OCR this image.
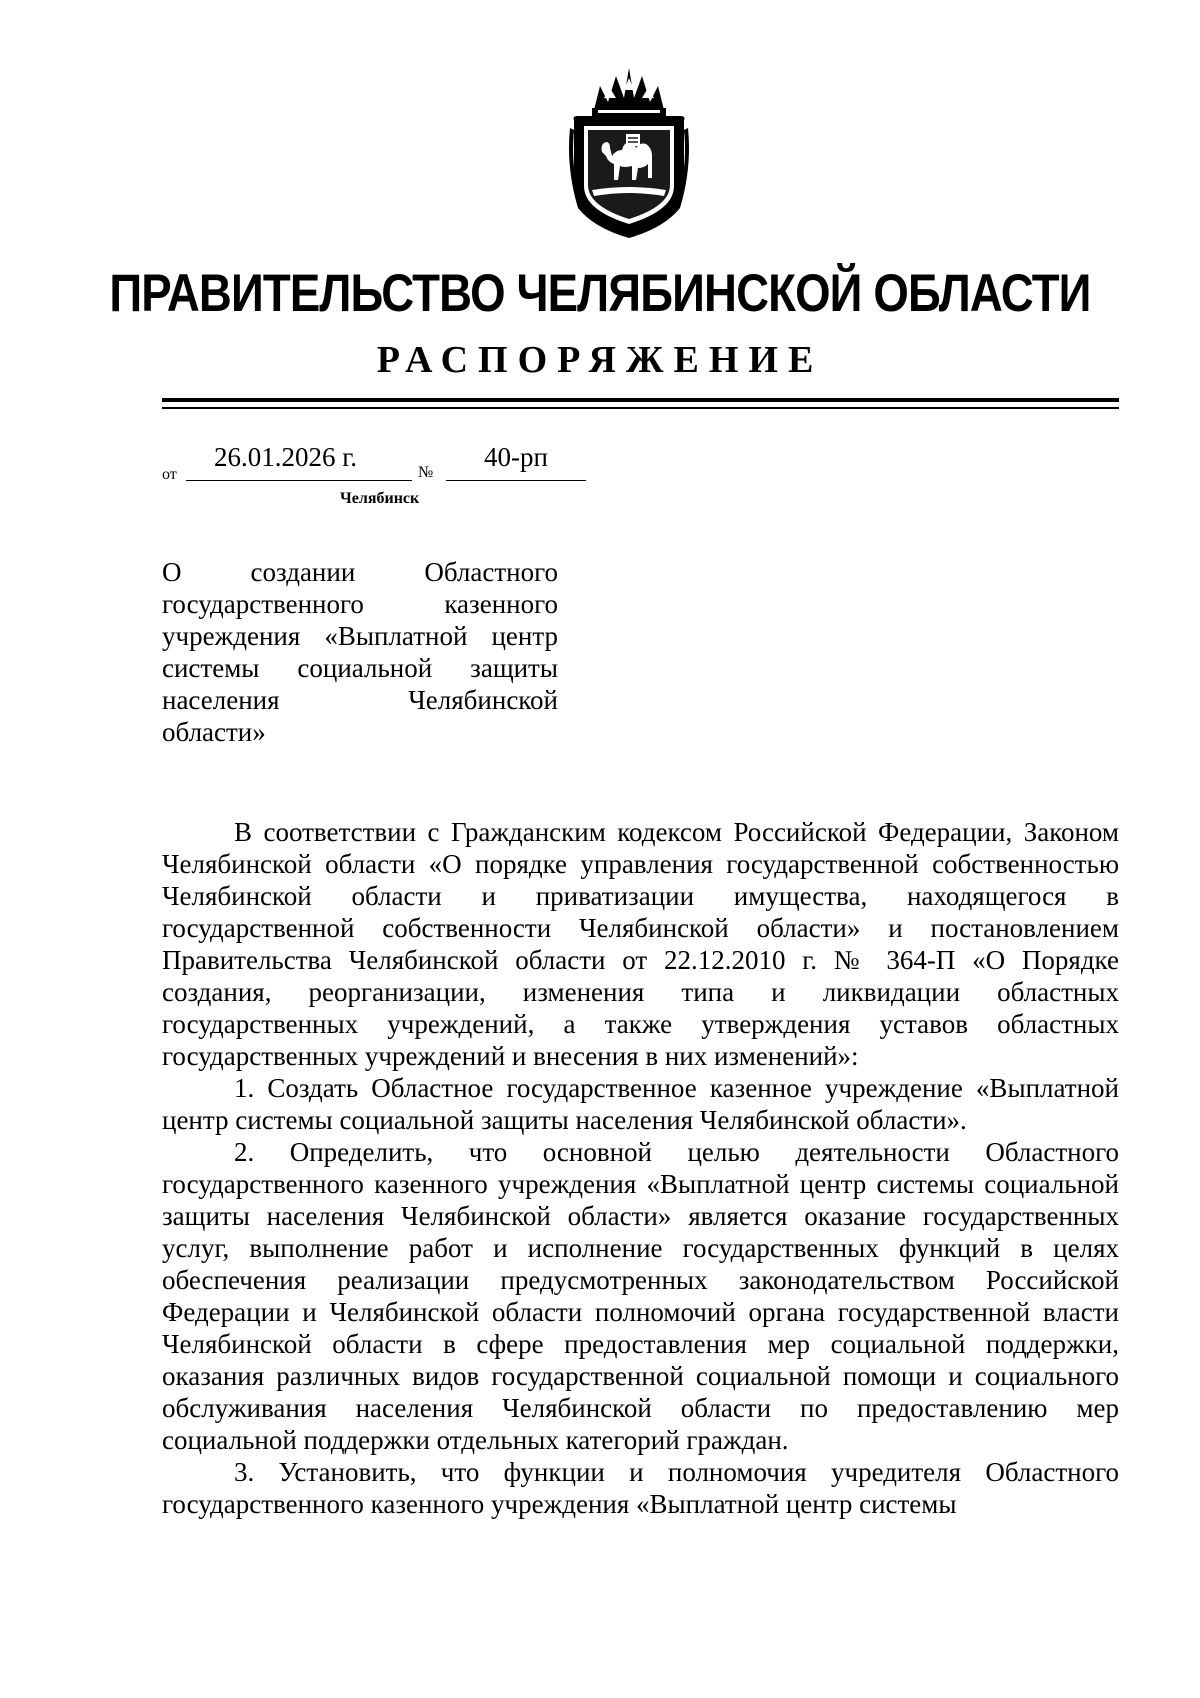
ПРАВИТЕЛЬСТВО ЧЕЛЯБИНСКОЙ ОБЛАСТИ
РАСПОРЯЖЕНИЕ
от
26.01.2026 г.
№
40-рп
Челябинск
О создании Областного
государственного казенного
учреждения «Выплатной центр
системы социальной защиты
населения Челябинской
области»

В соответствии с Гражданским кодексом Российской Федерации, Законом Челябинской области «О порядке управления государственной собственностью Челябинской области и приватизации имущества, находящегося в государственной собственности Челябинской области» и постановлением Правительства Челябинской области от 22.12.2010 г. № 364-П «О Порядке создания, реорганизации, изменения типа и ликвидации областных государственных учреждений, а также утверждения уставов областных государственных учреждений и внесения в них изменений»:

1. Создать Областное государственное казенное учреждение «Выплатной центр системы социальной защиты населения Челябинской области».

2. Определить, что основной целью деятельности Областного государственного казенного учреждения «Выплатной центр системы социальной защиты населения Челябинской области» является оказание государственных услуг, выполнение работ и исполнение государственных функций в целях обеспечения реализации предусмотренных законодательством Российской Федерации и Челябинской области полномочий органа государственной власти Челябинской области в сфере предоставления мер социальной поддержки, оказания различных видов государственной социальной помощи и социального обслуживания населения Челябинской области по предоставлению мер социальной поддержки отдельных категорий граждан.

3. Установить, что функции и полномочия учредителя Областного государственного казенного учреждения «Выплатной центр системы
